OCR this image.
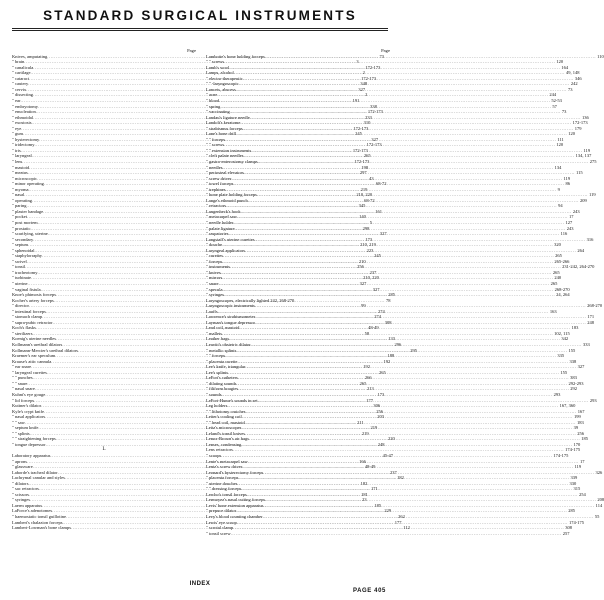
STANDARD SURGICAL INSTRUMENTS
Page
Knives, amputating .....	73
" brain .....	3
" canalicula .....	172-173
" cartilage .....	2
" cataract .....	172-173
" cautery .....	348
" cervix .....	327
" dissecting .....	2
" ear .....	191
" embryotomy .....	338
" enucleation .....	172-173
" ethmoidal .....	233
" exostosis .....	310
" eye .....	172-173
" gum .....	245
" hysterectomy .....	327
" iridectomy .....	172-173
" iris .....	172-173
" laryngeal .....	265
" lens .....	172-173
" mastoid .....	198
" meatus .....	297
" microscopic .....	43
" minor operating .....	68-72
" myoma .....	219
" nasal .....	210, 220
" operating .....	68-72
" paring .....	345
" plaster bandage .....	161
" pocket .....	140
" post mortem .....	5
" prostatic .....	298
" scarifying, uterine .....	327
" secondary .....	173
" septum .....	210, 219
" sphenoidal .....	223
" staphylorraphy .....	245
" swivel .....	210
" tonsil .....	256
" tracheotomy .....	237
" turbinate .....	210, 220
" uterine .....	327
" vaginal fistula .....	327
Knoe's phimosis forceps .....	285
Kocher's artery forceps .....	78
" director .....	99
" intestinal forceps .....	274
" stomach clamp .....	274
" supra-pubic retractor .....	308
Koch's flasks .....	48-49
" sterilizers .....	58
Koenig's uterine needles .....	133
Kollmann's urethral dilators .....	296
Kollmann-Mercier's urethral dilators .....	295
Kraemer's ear speculum .....	188
Krause's attic cannula .....	192
" ear snare .....	192
" laryngeal curettes .....	265
" " punches .....	266
" " snare .....	265
" nasal snare .....	213
Kuhnt's eye gouge .....	173
" lid forceps .....	177
Kuttner's dilator .....	306
Kyle's crypt knife .....	256
" nasal applicators .....	203
" " saw .....	211
" septum knife .....	219
" " splints .....	219
" " straightening forceps .....	220
" tongue depressor .....	248
L
Laboratory apparatus .....	45-47
" aprons .....	166
" glassware .....	48-49
Laborde's tracheal dilator .....	237
Lachrymal canular and styles .....	182
" dilators .....	182
" sac retractors .....	171
" scissors .....	181
" syringes .....	23
Laerm apparatus .....	185
LaForce's adenotomes .....	229
" haemostatic tonsil guillotine .....	262
Lambert's chalazion forceps .....	177
Lambert-Lowman's bone clamps .....	112
Page
Lambotte's bone holding forceps .....	110
" " screws .....	120
Lamb's wool .....	164
Lamps, alcohol .....	49, 148
" electro-therapeutic .....	346
" " -laryngoscopic .....	242
Lancets, abscess .....	73
" acne .....	244
" blood .....	52-53
" spring .....	57
" vaccinating .....	73
Landau's ligature needle .....	136
Landolt's keratome .....	172-173
" strabismus forceps .....	179
Lane's bone drill .....	120
" " forceps .....	111
" " screws .....	120
" " extension instruments .....	119
" cleft palate needles .....	134, 137
" gastro-enterostomy clamps .....	275
" needles .....	134
" periosteal elevators .....	115
" screw driver .....	119
" towel forceps .....	86
" trephines .....	9
" bone plate holding forceps .....	119
Lange's ethmoid punch .....	209
" retractors .....	94
Langenbeck's hook .....	243
" metacarpel saw .....	17
" needle holder .....	127
" palate ligature .....	243
" raspatories .....	116
Langstaff's uterine curettes .....	316
" douche .....	320
Laryngeal applicators .....	264
" curettes .....	265
" forceps .....	265-266
" instruments .....	231-242, 264-270
" knives .....	265
" mirrors .....	240
" snare .....	265
" specula .....	268-270
" syringes .....	24, 264
Laryngoscopes, electrically lighted 242, 268-270
Laryngoscopic instruments .....	268-270
Lauffs .....	163
Lawrence's strabismometer .....	171
Layman's tongue depressor .....	248
Lead coil, mastoid .....	183
" mallets .....	102, 115
Leather bags .....	342
Leavitt's obstetric dilator .....	333
" metallic splints .....	155
" " forceps .....	335
" placenta curette .....	338
Lee's knife, triangular .....	327
Lee's splints .....	155
LeFort's catheters .....	383
" dilating sounds .....	292-293
" filiform bougies .....	292
" sounds .....	293
LeFort-Hume's sounds in set .....	293
Leg holders .....	167, 360
" " lithotomy crutches .....	167
Leiter's cooling coil .....	199
" " head coil, mastoid .....	183
Leitz's microscopes .....	39
Leland's tonsil knives .....	256
Lenox-Brown's air bags .....	185
Lenses, condensing .....	170
Lens retractors .....	174-175
" scoops .....	174-175
Lente's metacarpel saw .....	17
Lentz's screw driver .....	119
Leonard's hysterectomy forceps .....	326
" placenta forceps .....	339
" uterine douches .....	330
" " dressing forceps .....	315
Lercho's tonsil forceps .....	254
Lermoyez's nasal cutting forceps .....	208
Levis' bone extension apparatus .....	114
" prepuce dilator .....	285
Levy's blood counting chamber .....	55
Lewis' eye scoop .....	174-175
" scrotal clamp .....	308
" tonsil screw .....	257
INDEX
PAGE 405
